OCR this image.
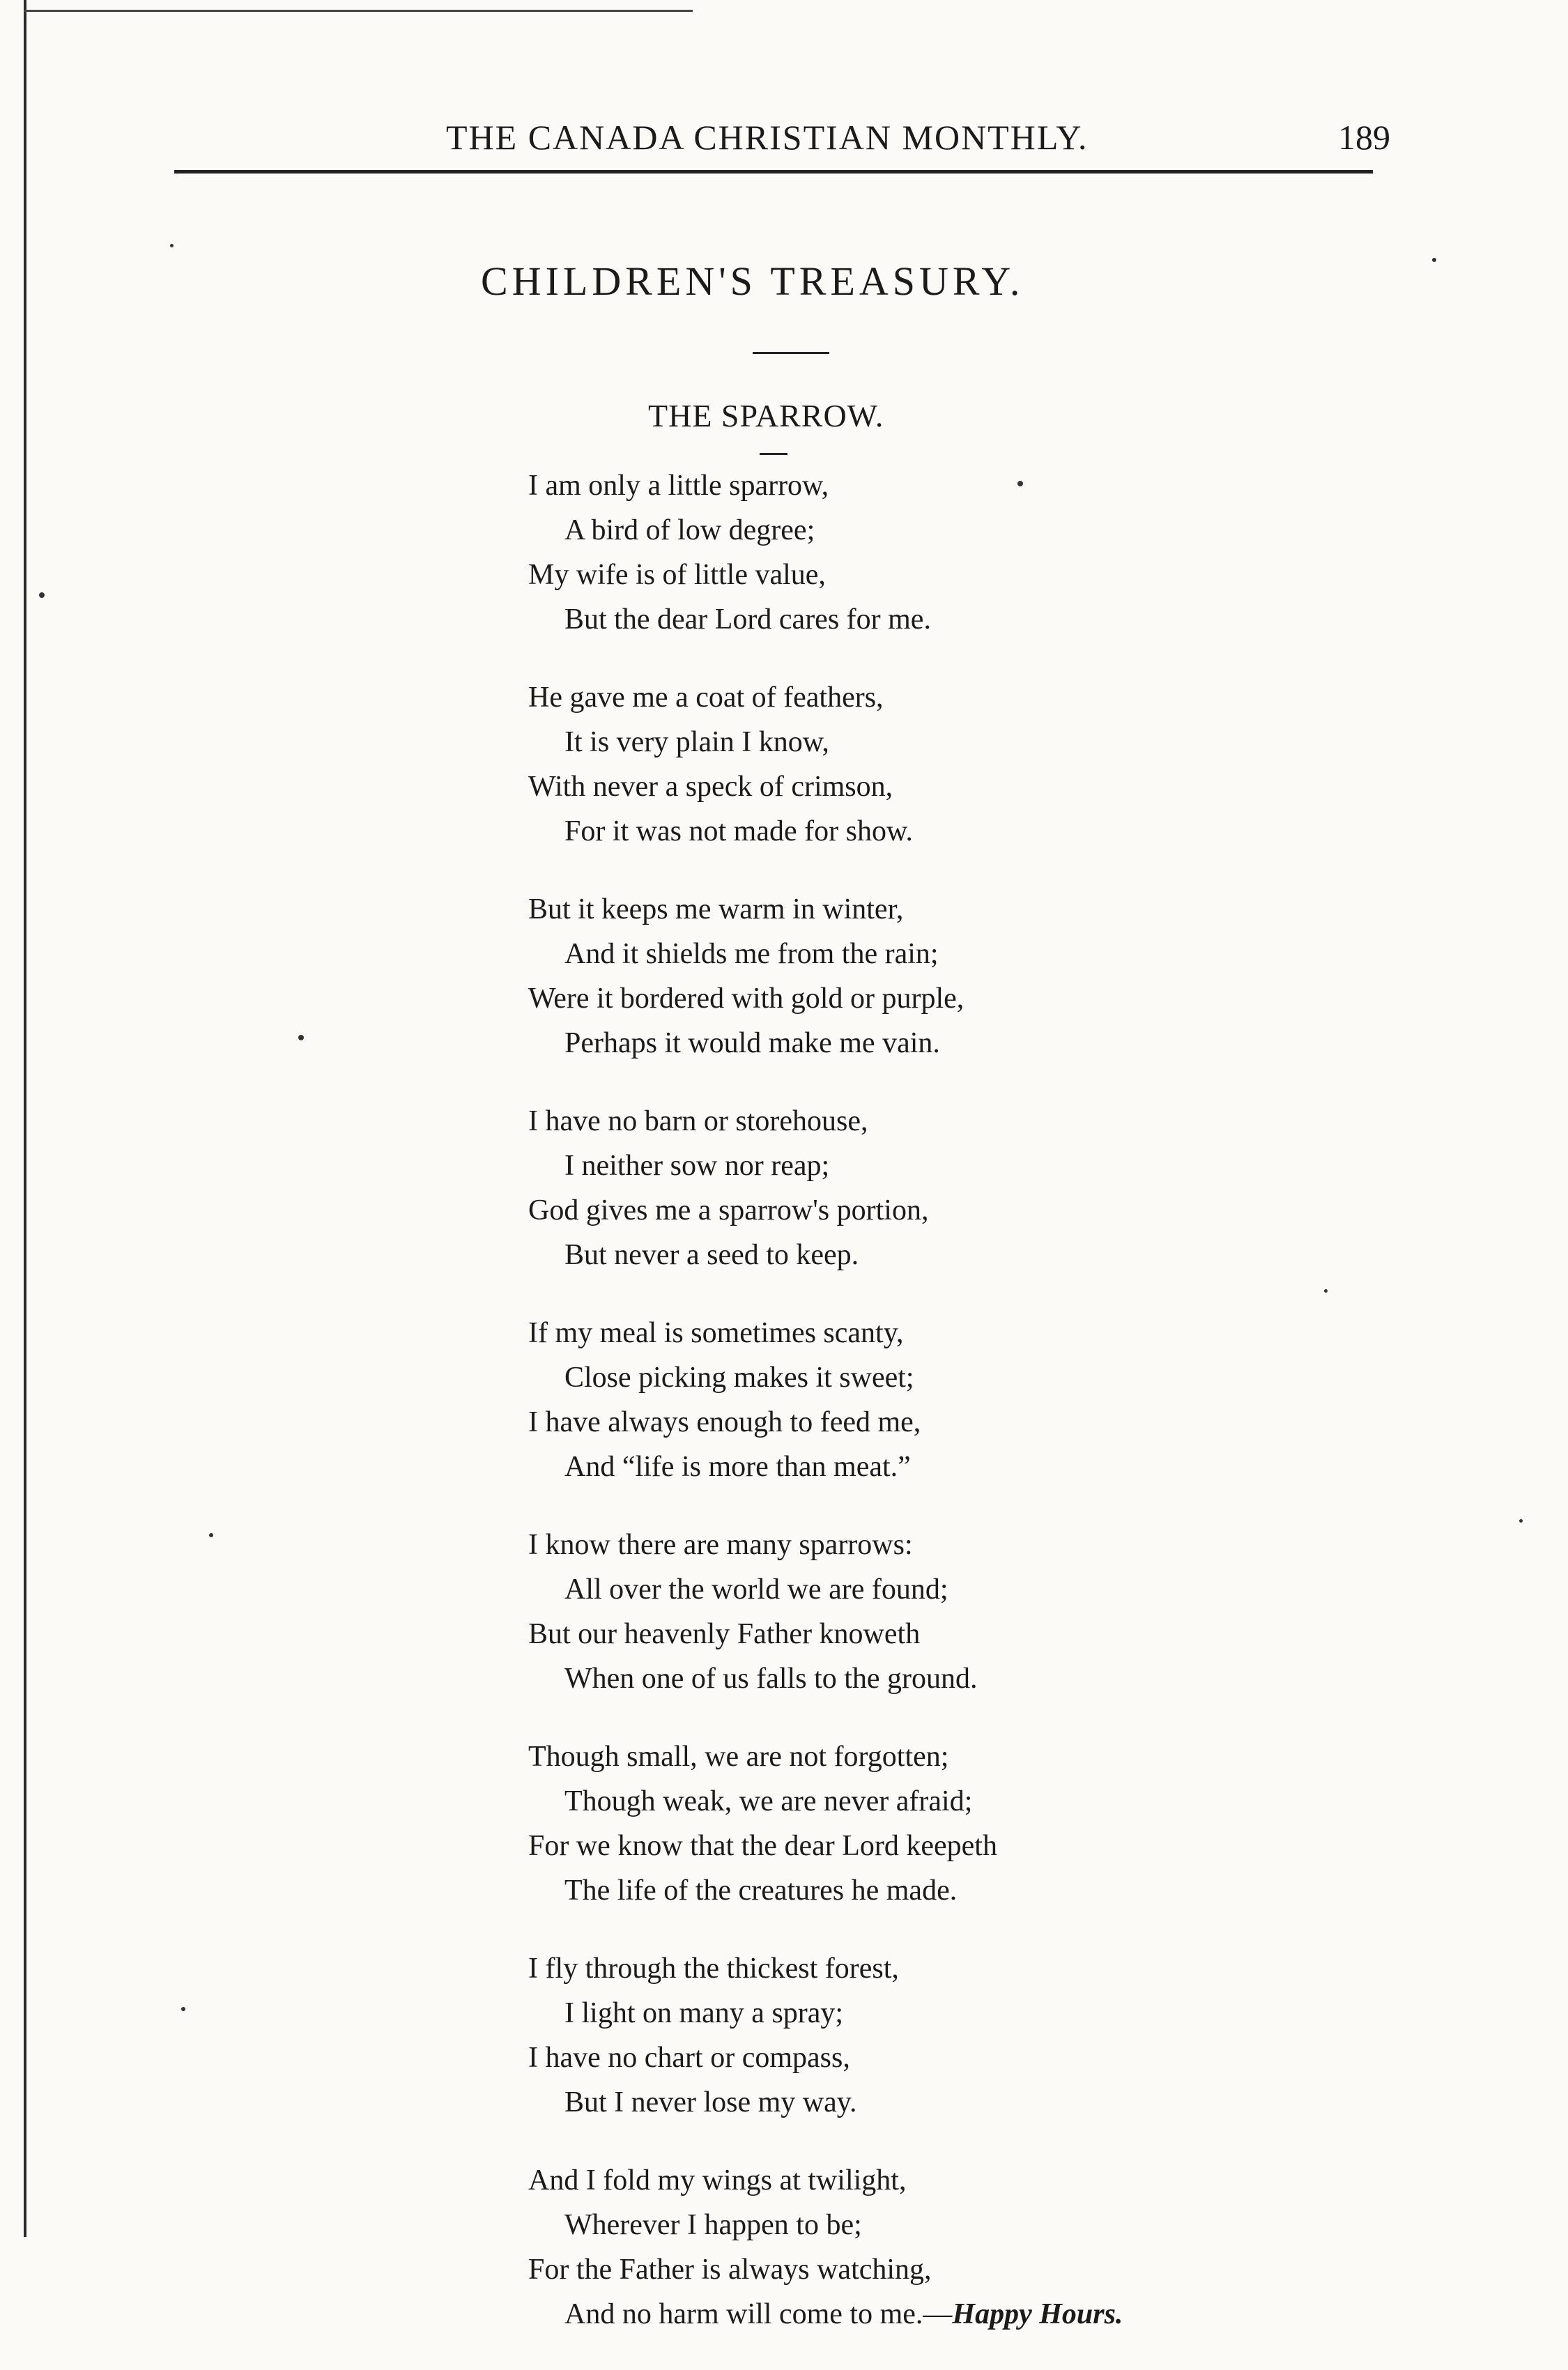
THE CANADA CHRISTIAN MONTHLY.	189
CHILDREN'S TREASURY.
THE SPARROW.
I am only a little sparrow,
A bird of low degree;
My wife is of little value,
But the dear Lord cares for me.
He gave me a coat of feathers,
It is very plain I know,
With never a speck of crimson,
For it was not made for show.
But it keeps me warm in winter,
And it shields me from the rain;
Were it bordered with gold or purple,
Perhaps it would make me vain.
I have no barn or storehouse,
I neither sow nor reap;
God gives me a sparrow's portion,
But never a seed to keep.
If my meal is sometimes scanty,
Close picking makes it sweet;
I have always enough to feed me,
And “life is more than meat.”
I know there are many sparrows:
All over the world we are found;
But our heavenly Father knoweth
When one of us falls to the ground.
Though small, we are not forgotten;
Though weak, we are never afraid;
For we know that the dear Lord keepeth
The life of the creatures he made.
I fly through the thickest forest,
I light on many a spray;
I have no chart or compass,
But I never lose my way.
And I fold my wings at twilight,
Wherever I happen to be;
For the Father is always watching,
And no harm will come to me.—Happy Hours.
